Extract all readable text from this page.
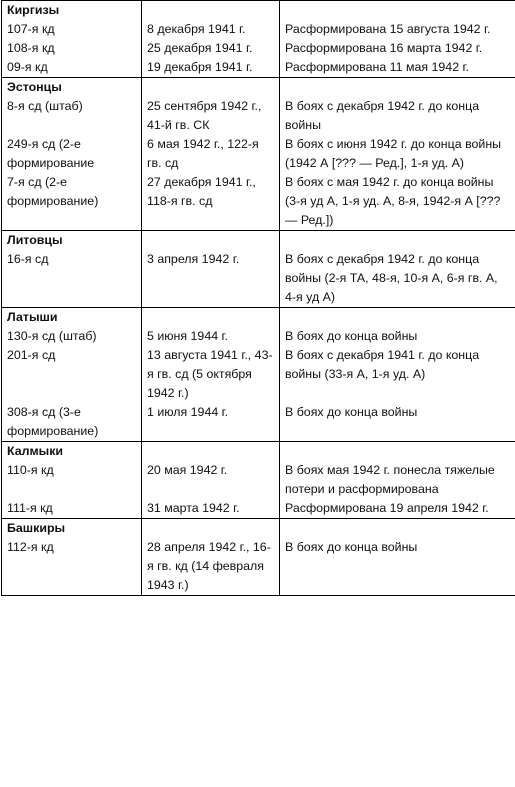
Киргизы		
107-я кд	8 декабря 1941 г.	Расформирована 15 августа 1942 г.
108-я кд	25 декабря 1941 г.	Расформирована 16 марта 1942 г.
09-я кд	19 декабря 1941 г.	Расформирована 11 мая 1942 г.
Эстонцы		
8-я сд (штаб)	25 сентября 1942 г., 41-й гв. СК	В боях с декабря 1942 г. до конца войны
249-я сд (2-е формирование	6 мая 1942 г., 122-я гв. сд	В боях с июня 1942 г. до конца войны (1942 А [??? — Ред.], 1-я уд. А)
7-я сд (2-е формирование)	27 декабря 1941 г., 118-я гв. сд	В боях с мая 1942 г. до конца войны (3-я уд А, 1-я уд. А, 8-я, 1942-я А [??? — Ред.])
Литовцы		
16-я сд	3 апреля 1942 г.	В боях с декабря 1942 г. до конца войны (2-я ТА, 48-я, 10-я А, 6-я гв. А, 4-я уд А)
Латыши		
130-я сд (штаб)	5 июня 1944 г.	В боях до конца войны
201-я сд	13 августа 1941 г., 43-я гв. сд (5 октября 1942 г.)	В боях с декабря 1941 г. до конца войны (33-я А, 1-я уд. А)
308-я сд (3-е формирование)	1 июля 1944 г.	В боях до конца войны
Калмыки		
110-я кд	20 мая 1942 г.	В боях мая 1942 г. понесла тяжелые потери и расформирована
111-я кд	31 марта 1942 г.	Расформирована 19 апреля 1942 г.
Башкиры		
112-я кд	28 апреля 1942 г., 16-я гв. кд (14 февраля 1943 г.)	В боях до конца войны
